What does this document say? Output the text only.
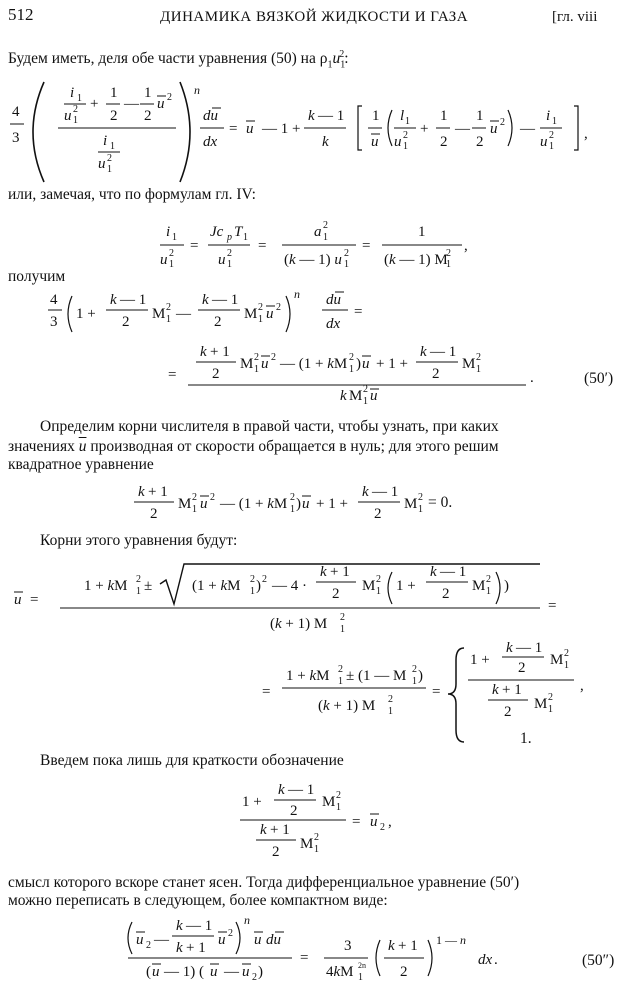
512	ДИНАМИКА ВЯЗКОЙ ЖИДКОСТИ И ГАЗА	[гл. viii
Будем иметь, деля обе части уравнения (50) на $\rho_1u_1^2$:
4
3
i 1
u 2
1
+
1
2
—
1
2
u 2
i 1
u 2
1
n
du
dx
= u — 1 +
k — 1
k
1
u
l 1
u 2
1
+
1
2
—
1
2
u 2 —
i 1
u 2
1
,
или, замечая, что по формулам гл. IV:
i 1
u 2
1
=
Jc p T 1
u 2
1
=
a 2
1
(k — 1) u 2
1
=
1
(k — 1) M
2
1
,
получим
4
3 1 +
k — 1
2 M 2
1 —
k — 1
2 M 2
1 u 2
n du
dx
=
=
k + 1
2
M 2
1 u 2 — (1 + kM 2
1 ) u + 1 +
k — 1
2
M 2
1
k M 2
1 u
.	(50′)
Определим корни числителя в правой части, чтобы узнать, при каких
значениях $\overline{u}$ производная от скорости обращается в нуль; для этого решим
квадратное уравнение
k + 1
2
M 2
1 u 2 — (1 + kM 2
1 ) u + 1 +
k — 1
2
M 2
1 = 0.
Корни этого уравнения будут:
u =
1 + kM 2
1 ±	(1 + kM 2
1 ) 2 — 4 ·
k + 1
2 M 2
1 1 +
k — 1
2 M 2
1 )
(k + 1) M 2
1
=
=
1 + kM 2
1 ± (1 — M 2
1 )
(k + 1) M 2
1
=
1 +
k — 1
2 M 2
1
k + 1
2 M 2
1
,
1.
Введем пока лишь для краткости обозначение
1 +
k — 1
2
M 2
1
k + 1
2 M 2
1
= u 2 ,
смысл которого вскоре станет ясен. Тогда дифференциальное уравнение (50′)
можно переписать в следующем, более компактном виде:
u 2 —
k — 1
k + 1 u 2
n
u du
( u — 1) ( u — u 2 )
=
3
4kM 2n
1
k + 1
2
1 — n
dx .	(50″)
